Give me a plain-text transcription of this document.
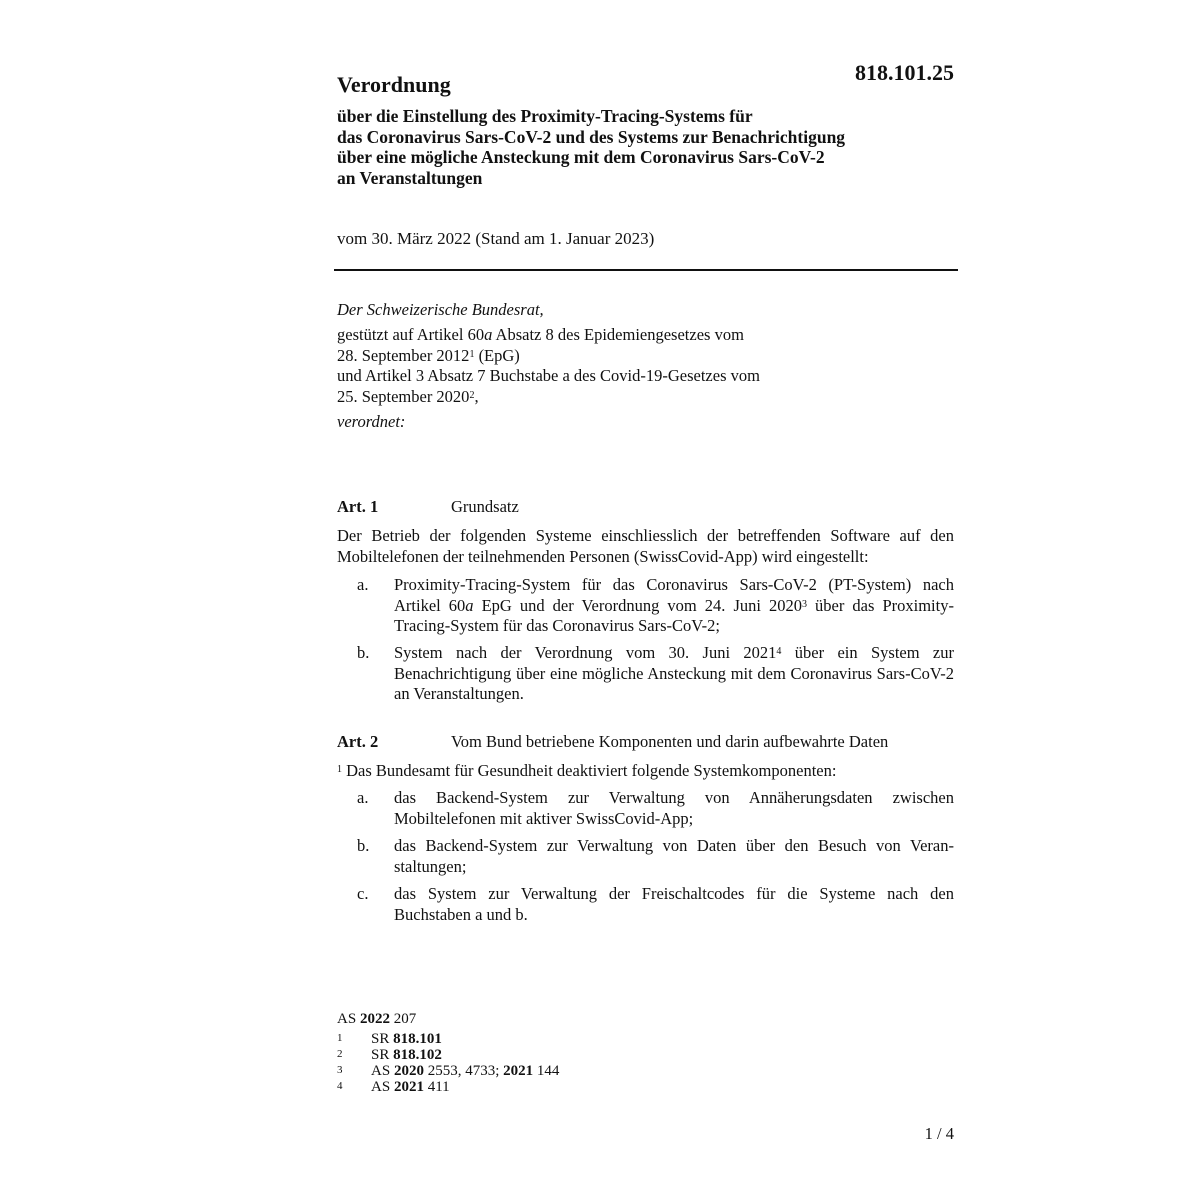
818.101.25
Verordnung
über die Einstellung des Proximity-Tracing-Systems für
das Coronavirus Sars-CoV-2 und des Systems zur Benachrichtigung
über eine mögliche Ansteckung mit dem Coronavirus Sars-CoV-2
an Veranstaltungen
vom 30. März 2022 (Stand am 1. Januar 2023)
Der Schweizerische Bundesrat,
gestützt auf Artikel 60a Absatz 8 des Epidemiengesetzes vom
28. September 2012$^1$ (EpG)
und Artikel 3 Absatz 7 Buchstabe a des Covid-19-Gesetzes vom
25. September 2020$^2$,
verordnet:
Art. 1	Grundsatz
Der Betrieb der folgenden Systeme einschliesslich der betreffenden Software auf den Mobiltelefonen der teilnehmenden Personen (SwissCovid-App) wird eingestellt:
a. Proximity-Tracing-System für das Coronavirus Sars-CoV-2 (PT-System) nach Artikel 60a EpG und der Verordnung vom 24. Juni 2020$^3$ über das Proximity-Tracing-System für das Coronavirus Sars-CoV-2;
b. System nach der Verordnung vom 30. Juni 2021$^4$ über ein System zur Benachrichtigung über eine mögliche Ansteckung mit dem Coronavirus Sars-CoV-2 an Veranstaltungen.
Art. 2	Vom Bund betriebene Komponenten und darin aufbewahrte Daten
$^1$ Das Bundesamt für Gesundheit deaktiviert folgende Systemkomponenten:
a. das Backend-System zur Verwaltung von Annäherungsdaten zwischen Mobiltelefonen mit aktiver SwissCovid-App;
b. das Backend-System zur Verwaltung von Daten über den Besuch von Veran-staltungen;
c. das System zur Verwaltung der Freischaltcodes für die Systeme nach den Buchstaben a und b.
AS 2022 207
1 SR 818.101
2 SR 818.102
3 AS 2020 2553, 4733; 2021 144
4 AS 2021 411
1 / 4
